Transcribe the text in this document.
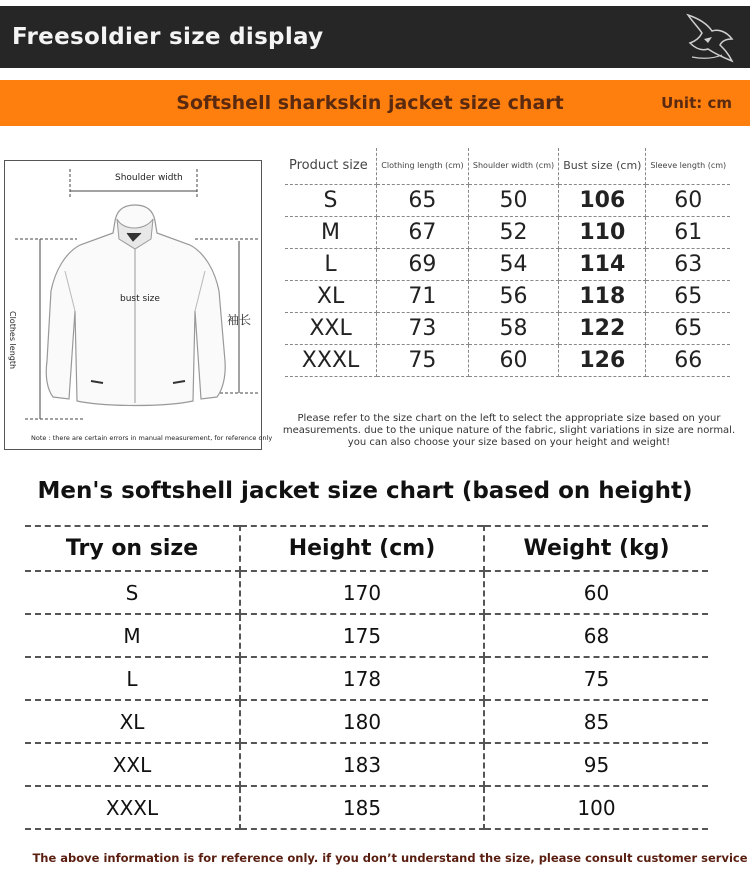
Freesoldier size display
Softshell sharkskin jacket size chart	Unit: cm
Shoulder width
bust size
Clothes length	袖长
Note : there are certain errors in manual measurement, for reference only
Product size	Clothing length (cm)	Shoulder width (cm)	Bust size (cm)	Sleeve length (cm)
S	65	50	106	60
M	67	52	110	61
L	69	54	114	63
XL	71	56	118	65
XXL	73	58	122	65
XXXL	75	60	126	66
Please refer to the size chart on the left to select the appropriate size based on your measurements. due to the unique nature of the fabric, slight variations in size are normal. you can also choose your size based on your height and weight!
Men's softshell jacket size chart (based on height)
Try on size	Height (cm)	Weight (kg)
S	170	60
M	175	68
L	178	75
XL	180	85
XXL	183	95
XXXL	185	100
The above information is for reference only. if you don’t understand the size, please consult customer service
